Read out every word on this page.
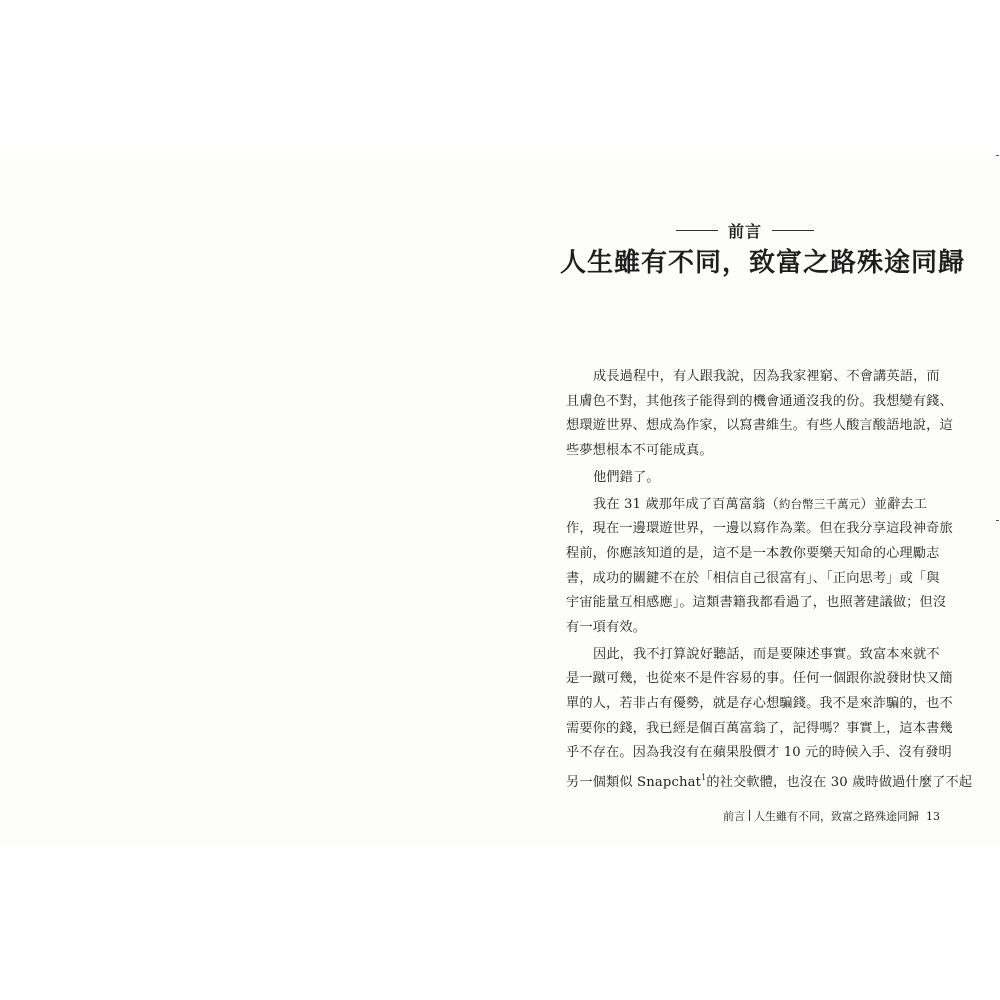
前言
人生雖有不同，致富之路殊途同歸
成長過程中，有人跟我說，因為我家裡窮、不會講英語，而
且膚色不對，其他孩子能得到的機會通通沒我的份。我想變有錢、
想環遊世界、想成為作家，以寫書維生。有些人酸言酸語地說，這
些夢想根本不可能成真。
他們錯了。
我在 31 歲那年成了百萬富翁（約台幣三千萬元）並辭去工
作，現在一邊環遊世界，一邊以寫作為業。但在我分享這段神奇旅
程前，你應該知道的是，這不是一本教你要樂天知命的心理勵志
書，成功的關鍵不在於「相信自己很富有」、「正向思考」或「與
宇宙能量互相感應」。這類書籍我都看過了，也照著建議做；但沒
有一項有效。
因此，我不打算說好聽話，而是要陳述事實。致富本來就不
是一蹴可幾，也從來不是件容易的事。任何一個跟你說發財快又簡
單的人，若非占有優勢，就是存心想騙錢。我不是來詐騙的，也不
需要你的錢，我已經是個百萬富翁了，記得嗎？事實上，這本書幾
乎不存在。因為我沒有在蘋果股價才 10 元的時候入手、沒有發明
另一個類似 Snapchat$^1$的社交軟體，也沒在 30 歲時做過什麼了不起
前言 人生雖有不同，致富之路殊途同歸 13
